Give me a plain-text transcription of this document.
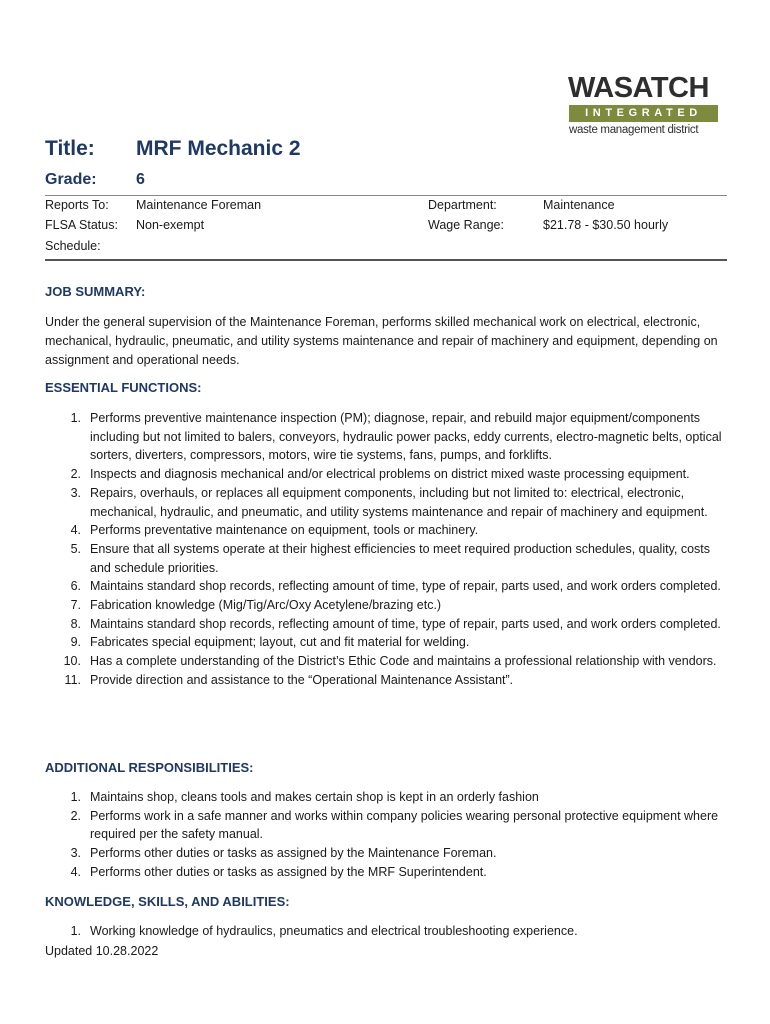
WASATCH
INTEGRATED
waste management district
Title: MRF Mechanic 2
Grade: 6
Reports To: Maintenance Foreman	Department:	Maintenance
FLSA Status: Non-exempt	Wage Range:	$21.78 - $30.50 hourly
Schedule:
JOB SUMMARY:
Under the general supervision of the Maintenance Foreman, performs skilled mechanical work on electrical, electronic, mechanical, hydraulic, pneumatic, and utility systems maintenance and repair of machinery and equipment, depending on assignment and operational needs.
ESSENTIAL FUNCTIONS:
1. Performs preventive maintenance inspection (PM); diagnose, repair, and rebuild major equipment/components including but not limited to balers, conveyors, hydraulic power packs, eddy currents, electro-magnetic belts, optical sorters, diverters, compressors, motors, wire tie systems, fans, pumps, and forklifts.
2. Inspects and diagnosis mechanical and/or electrical problems on district mixed waste processing equipment.
3. Repairs, overhauls, or replaces all equipment components, including but not limited to: electrical, electronic, mechanical, hydraulic, and pneumatic, and utility systems maintenance and repair of machinery and equipment.
4. Performs preventative maintenance on equipment, tools or machinery.
5. Ensure that all systems operate at their highest efficiencies to meet required production schedules, quality, costs and schedule priorities.
6. Maintains standard shop records, reflecting amount of time, type of repair, parts used, and work orders completed.
7. Fabrication knowledge (Mig/Tig/Arc/Oxy Acetylene/brazing etc.)
8. Maintains standard shop records, reflecting amount of time, type of repair, parts used, and work orders completed.
9. Fabricates special equipment; layout, cut and fit material for welding.
10. Has a complete understanding of the District’s Ethic Code and maintains a professional relationship with vendors.
11. Provide direction and assistance to the “Operational Maintenance Assistant”.
ADDITIONAL RESPONSIBILITIES:
1. Maintains shop, cleans tools and makes certain shop is kept in an orderly fashion
2. Performs work in a safe manner and works within company policies wearing personal protective equipment where required per the safety manual.
3. Performs other duties or tasks as assigned by the Maintenance Foreman.
4. Performs other duties or tasks as assigned by the MRF Superintendent.
KNOWLEDGE, SKILLS, AND ABILITIES:
1. Working knowledge of hydraulics, pneumatics and electrical troubleshooting experience.
Updated 10.28.2022
